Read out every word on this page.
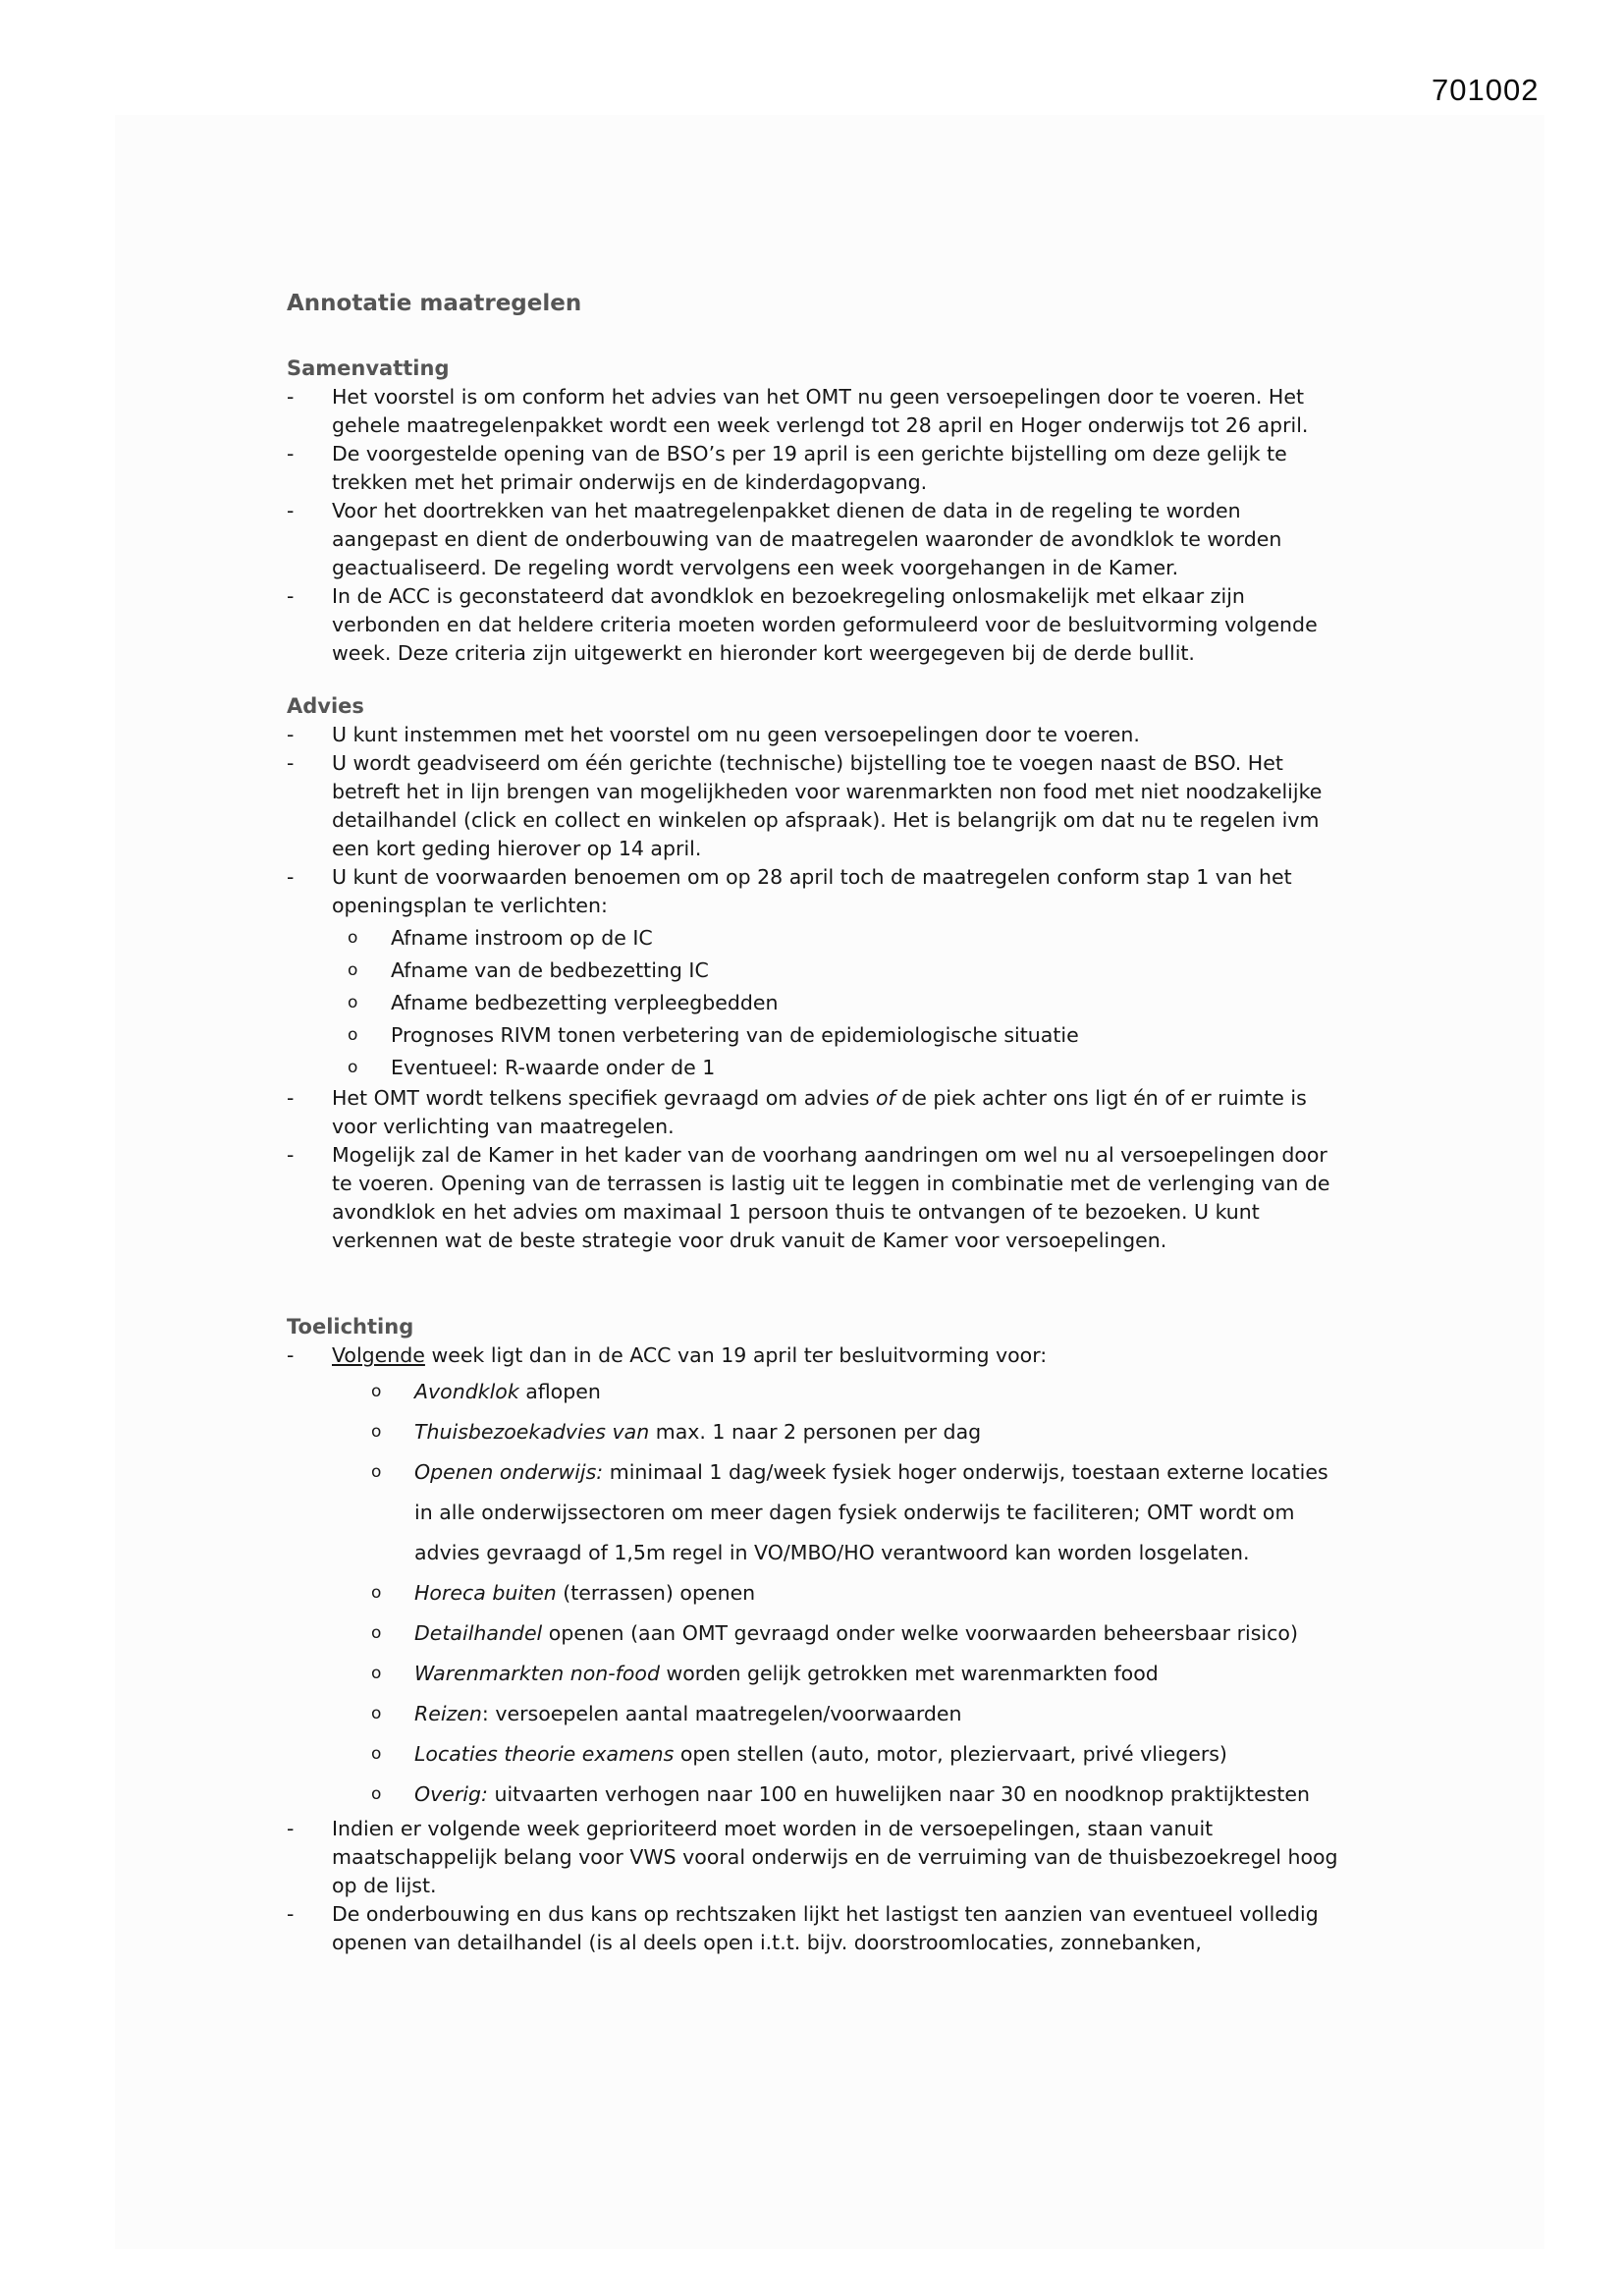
701002
Annotatie maatregelen
Samenvatting
-	Het voorstel is om conform het advies van het OMT nu geen versoepelingen door te voeren. Het gehele maatregelenpakket wordt een week verlengd tot 28 april en Hoger onderwijs tot 26 april.
-	De voorgestelde opening van de BSO’s per 19 april is een gerichte bijstelling om deze gelijk te trekken met het primair onderwijs en de kinderdagopvang.
-	Voor het doortrekken van het maatregelenpakket dienen de data in de regeling te worden aangepast en dient de onderbouwing van de maatregelen waaronder de avondklok te worden geactualiseerd. De regeling wordt vervolgens een week voorgehangen in de Kamer.
-	In de ACC is geconstateerd dat avondklok en bezoekregeling onlosmakelijk met elkaar zijn verbonden en dat heldere criteria moeten worden geformuleerd voor de besluitvorming volgende week. Deze criteria zijn uitgewerkt en hieronder kort weergegeven bij de derde bullit.
Advies
-	U kunt instemmen met het voorstel om nu geen versoepelingen door te voeren.
-	U wordt geadviseerd om één gerichte (technische) bijstelling toe te voegen naast de BSO. Het betreft het in lijn brengen van mogelijkheden voor warenmarkten non food met niet noodzakelijke detailhandel (click en collect en winkelen op afspraak). Het is belangrijk om dat nu te regelen ivm een kort geding hierover op 14 april.
-	U kunt de voorwaarden benoemen om op 28 april toch de maatregelen conform stap 1 van het openingsplan te verlichten:
o	Afname instroom op de IC
o	Afname van de bedbezetting IC
o	Afname bedbezetting verpleegbedden
o	Prognoses RIVM tonen verbetering van de epidemiologische situatie
o	Eventueel: R-waarde onder de 1
-	Het OMT wordt telkens specifiek gevraagd om advies of de piek achter ons ligt én of er ruimte is voor verlichting van maatregelen.
-	Mogelijk zal de Kamer in het kader van de voorhang aandringen om wel nu al versoepelingen door te voeren. Opening van de terrassen is lastig uit te leggen in combinatie met de verlenging van de avondklok en het advies om maximaal 1 persoon thuis te ontvangen of te bezoeken. U kunt verkennen wat de beste strategie voor druk vanuit de Kamer voor versoepelingen.
Toelichting
-	Volgende week ligt dan in de ACC van 19 april ter besluitvorming voor:
o	Avondklok aflopen
o	Thuisbezoekadvies van max. 1 naar 2 personen per dag
o	Openen onderwijs: minimaal 1 dag/week fysiek hoger onderwijs, toestaan externe locaties in alle onderwijssectoren om meer dagen fysiek onderwijs te faciliteren; OMT wordt om advies gevraagd of 1,5m regel in VO/MBO/HO verantwoord kan worden losgelaten.
o	Horeca buiten (terrassen) openen
o	Detailhandel openen (aan OMT gevraagd onder welke voorwaarden beheersbaar risico)
o	Warenmarkten non-food worden gelijk getrokken met warenmarkten food
o	Reizen: versoepelen aantal maatregelen/voorwaarden
o	Locaties theorie examens open stellen (auto, motor, pleziervaart, privé vliegers)
o	Overig: uitvaarten verhogen naar 100 en huwelijken naar 30 en noodknop praktijktesten
-	Indien er volgende week geprioriteerd moet worden in de versoepelingen, staan vanuit maatschappelijk belang voor VWS vooral onderwijs en de verruiming van de thuisbezoekregel hoog op de lijst.
-	De onderbouwing en dus kans op rechtszaken lijkt het lastigst ten aanzien van eventueel volledig openen van detailhandel (is al deels open i.t.t. bijv. doorstroomlocaties, zonnebanken,
